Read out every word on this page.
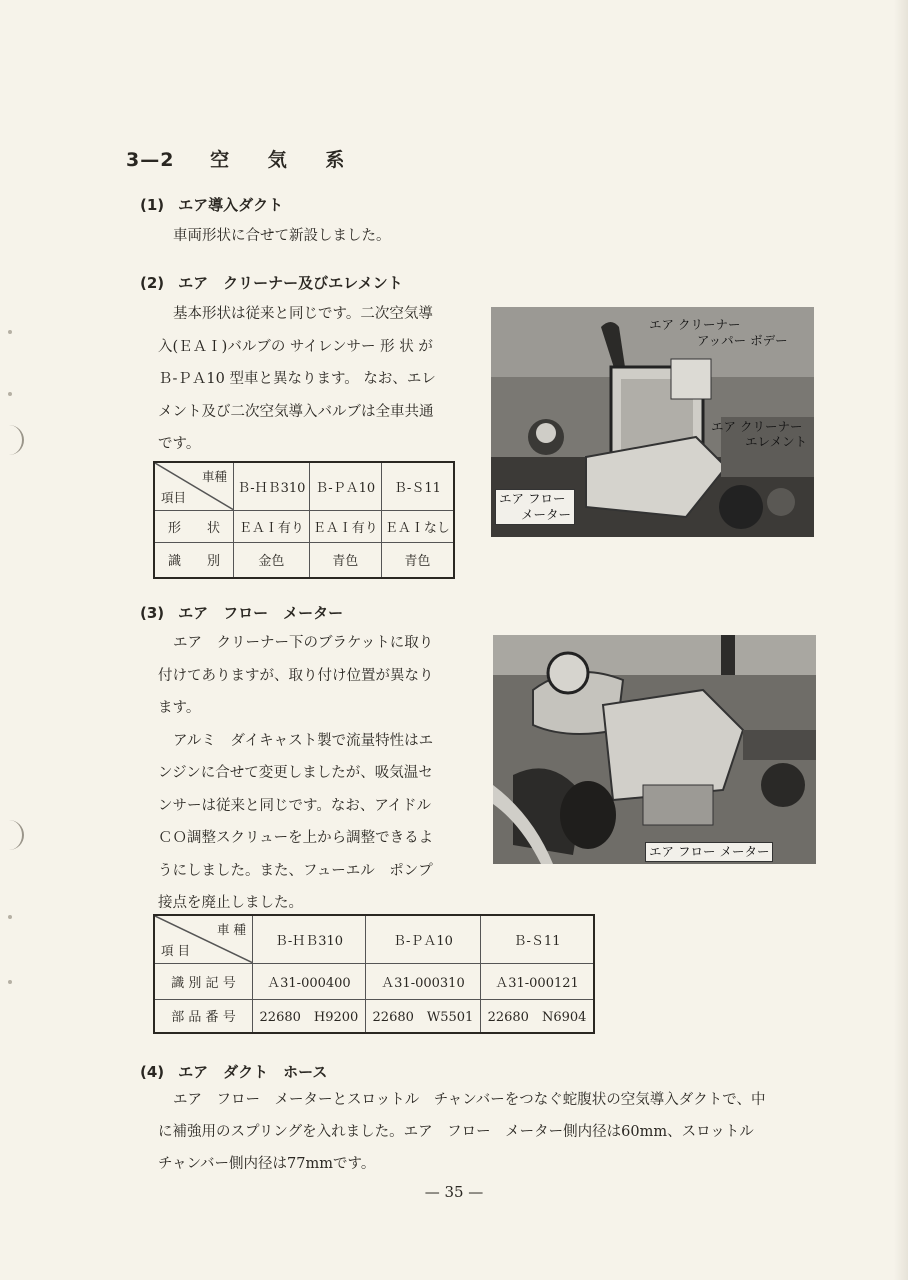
3—2 空 気 系
(1) エア導入ダクト
車両形状に合せて新設しました。
(2) エア　クリーナー及びエレメント
基本形状は従来と同じです。二次空気導
入(ＥＡＩ)バルブの サイレンサー 形 状 が
Ｂ-ＰＡ10 型車と異なります。 なお、エレ
メント及び二次空気導入バルブは全車共通
です。
車種
項目	Ｂ-ＨＢ310	Ｂ-ＰＡ10	Ｂ-Ｓ11
形　　状	ＥＡＩ有り	ＥＡＩ有り	ＥＡＩなし
識　　別	金色	青色	青色
エア クリーナー
アッパー ボデー
エア クリーナー
エレメント
エア フロー
メーター
(3) エア　フロー　メーター
エア　クリーナー下のブラケットに取り
付けてありますが、取り付け位置が異なり
ます。
アルミ　ダイキャスト製で流量特性はエ
ンジンに合せて変更しましたが、吸気温セ
ンサーは従来と同じです。なお、アイドル
ＣＯ調整スクリューを上から調整できるよ
うにしました。また、フューエル　ポンプ
接点を廃止しました。
エア フロー メーター
車 種
項 目	Ｂ-ＨＢ310	Ｂ-ＰＡ10	Ｂ-Ｓ11
識 別 記 号	Ａ31-000400	Ａ31-000310	Ａ31-000121
部 品 番 号	22680　H9200	22680　W5501	22680　N6904
(4) エア　ダクト　ホース
エア　フロー　メーターとスロットル　チャンバーをつなぐ蛇腹状の空気導入ダクトで、中
に補強用のスプリングを入れました。エア　フロー　メーター側内径は60mm、スロットル
チャンバー側内径は77mmです。
— 35 —
